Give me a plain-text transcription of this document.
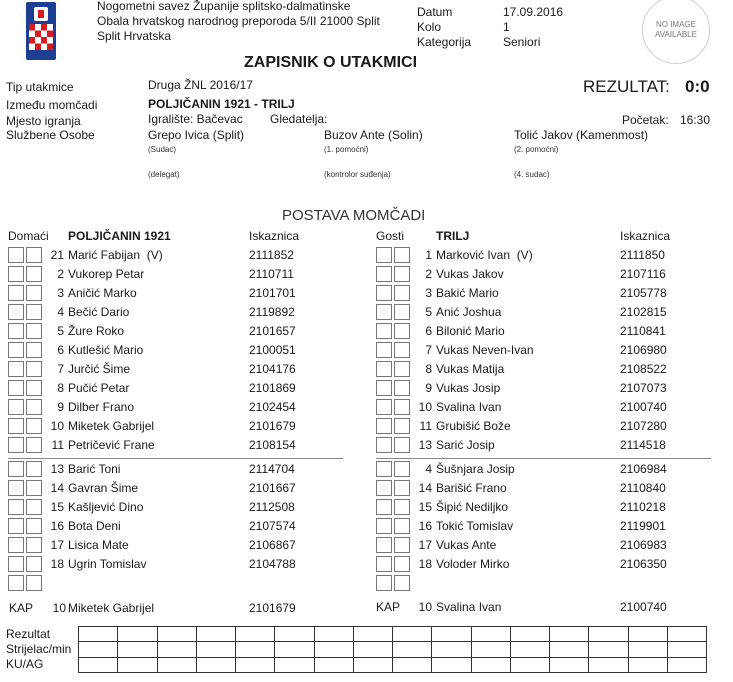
Nogometni savez Županije splitsko-dalmatinske
Obala hrvatskog narodnog preporoda 5/II 21000 Split
Split Hrvatska
Datum	17.09.2016
Kolo	1
Kategorija	Seniori
NO IMAGE AVAILABLE
ZAPISNIK O UTAKMICI
Tip utakmice	Druga ŽNL 2016/17	REZULTAT: 0:0
Između momčadi	POLJIČANIN 1921 - TRILJ
Mjesto igranja	Igralište: Bačevac Gledatelja:	Početak: 16:30
Službene Osobe	Grepo Ivica (Split)
(Sudac)
Buzov Ante (Solin)
(1. pomoćni)
Tolić Jakov (Kamenmost)
(2. pomoćni)
(delegat)	(kontrolor suđenja)	(4. sudac)
POSTAVA MOMČADI
Domaći POLJIČANIN 1921	Iskaznica	Gosti	TRILJ	Iskaznica
21 Marić Fabijan  (V)	2111852
2 Vukorep Petar	2110711
3 Aničić Marko	2101701
4 Bečić Dario	2119892
5 Žure Roko	2101657
6 Kutlešić Mario	2100051
7 Jurčić Šime	2104176
8 Pučić Petar	2101869
9 Dilber Frano	2102454
10 Miketek Gabrijel	2101679
11 Petričević Frane	2108154
13 Barić Toni	2114704
14 Gavran Šime	2101667
15 Kašljević Dino	2112508
16 Bota Deni	2107574
17 Lisica Mate	2106867
18 Ugrin Tomislav	2104788
1 Marković Ivan  (V)	2111850
2 Vukas Jakov	2107116
3 Bakić Mario	2105778
5 Anić Joshua	2102815
6 Bilonić Mario	2110841
7 Vukas Neven-Ivan	2106980
8 Vukas Matija	2108522
9 Vukas Josip	2107073
10 Svalina Ivan	2100740
11 Grubišić Bože	2107280
13 Sarić Josip	2114518
4 Šušnjara Josip	2106984
14 Barišić Frano	2110840
15 Šipić Nediljko	2110218
16 Tokić Tomislav	2119901
17 Vukas Ante	2106983
18 Voloder Mirko	2106350
KAP	10 Miketek Gabrijel	2101679	KAP	10 Svalina Ivan	2100740
Rezultat
Strijelac/min
KU/AG
